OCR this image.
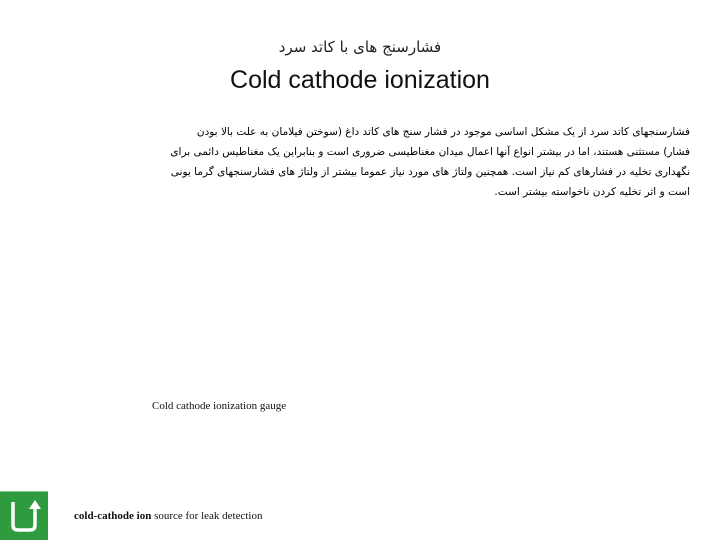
فشارسنج های با کاتد سرد
Cold cathode ionization
فشارسنجهای کاتد سرد از یک مشکل اساسی موجود در فشار سنج های کاتد داغ (سوختن فیلامان به علت بالا بودن
فشار) مستثنی هستند، اما در بیشتر انواع آنها اعمال میدان مغناطیسی ضروری است و بنابراین یک مغناطیس دائمی برای
نگهداری تخلیه در فشارهای کم نیاز است. همچنین ولتاژ های مورد نیاز عموما بیشتر از ولتاژ های فشارسنجهای گرما یونی
است و اثر تخلیه کردن ناخواسته بیشتر است.
Cold cathode ionization gauge
cold-cathode ion source for leak detection
